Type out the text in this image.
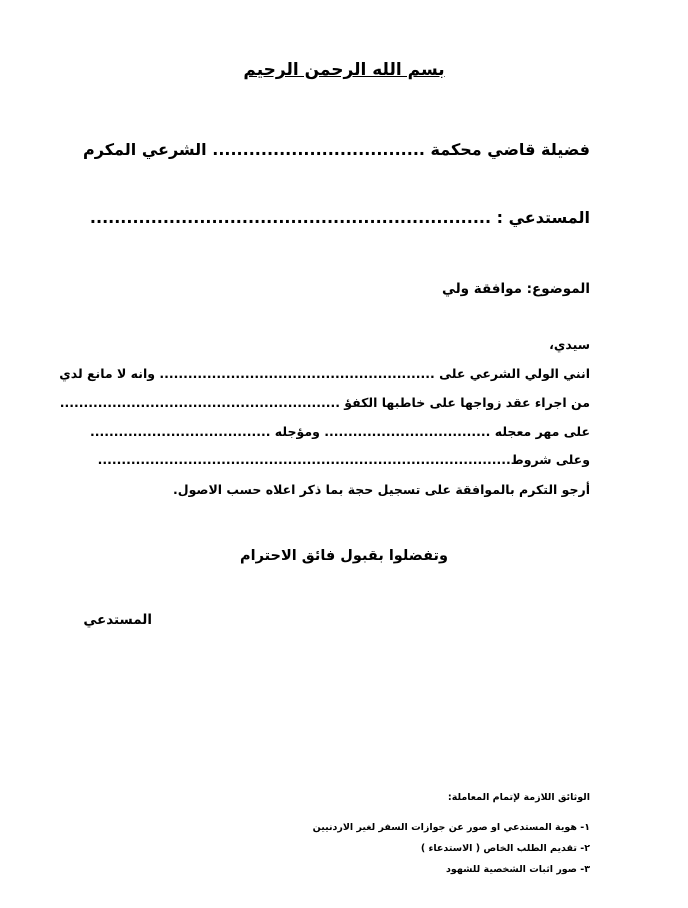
بسم الله الرحمن الرحيم
فضيلة قاضي محكمة ................................... الشرعي المكرم
المستدعي : ..................................................................
الموضوع: موافقة ولي
سيدي،
انني الولي الشرعي على .......................................................... وانه لا مانع لدي
من اجراء عقد زواجها على خاطبها الكفؤ ...........................................................
على مهر معجله ................................... ومؤجله ......................................
وعلى شروط.......................................................................................
أرجو التكرم بالموافقة على تسجيل حجة بما ذكر اعلاه حسب الاصول.
وتفضلوا بقبول فائق الاحترام
المستدعي
الوثائق اللازمة لإتمام المعاملة:
١- هوية المستدعي او صور عن جوازات السفر لغير الاردنيين
٢- تقديم الطلب الخاص ( الاستدعاء )
٣- صور اثبات الشخصية للشهود
